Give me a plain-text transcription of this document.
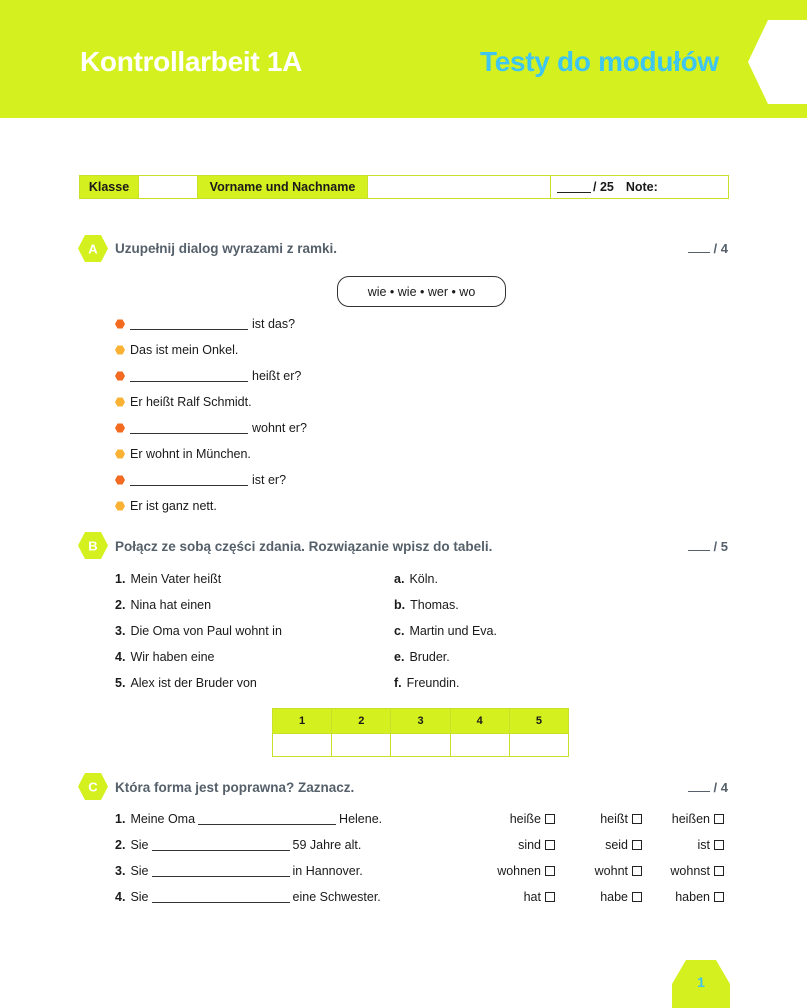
Kontrollarbeit 1A	Testy do modułów
Klasse	Vorname und Nachname	/ 25 Note:
A Uzupełnij dialog wyrazami z ramki.	/ 4
wie • wie • wer • wo
ist das?
Das ist mein Onkel.
heißt er?
Er heißt Ralf Schmidt.
wohnt er?
Er wohnt in München.
ist er?
Er ist ganz nett.
B Połącz ze sobą części zdania. Rozwiązanie wpisz do tabeli.	/ 5
1. Mein Vater heißt
2. Nina hat einen
3. Die Oma von Paul wohnt in
4. Wir haben eine
5. Alex ist der Bruder von
a. Köln.
b. Thomas.
c. Martin und Eva.
e. Bruder.
f. Freundin.
1	2	3	4	5
C Która forma jest poprawna? Zaznacz.	/ 4
1. Meine Oma	Helene.	heiße	heißt	heißen
2. Sie	59 Jahre alt.	sind	seid	ist
3. Sie	in Hannover.	wohnen	wohnt	wohnst
4. Sie	eine Schwester.	hat	habe	haben
1
